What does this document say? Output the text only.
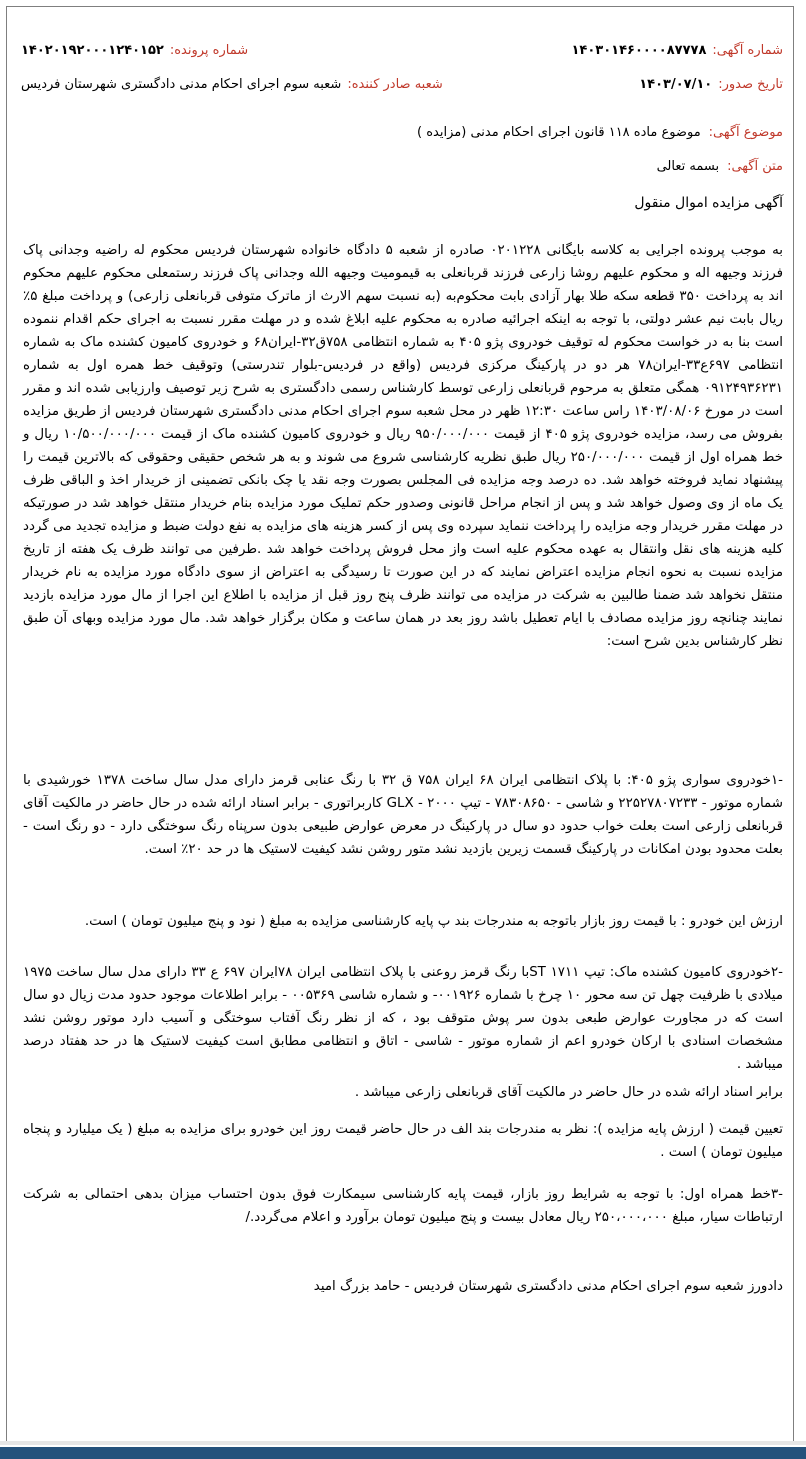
شماره آگهی:
۱۴۰۳۰۱۴۶۰۰۰۰۸۷۷۷۸
شماره پرونده:
۱۴۰۲۰۱۹۲۰۰۰۱۲۴۰۱۵۲
تاریخ صدور:
۱۴۰۳/۰۷/۱۰
شعبه صادر کننده:
شعبه سوم اجرای احکام مدنی دادگستری شهرستان فردیس
موضوع آگهی:
موضوع ماده ۱۱۸ قانون اجرای احکام مدنی (مزایده )
متن آگهی:
بسمه تعالی
آگهی مزایده اموال منقول

به موجب پرونده اجرایی به کلاسه بایگانی ۰۲۰۱۲۲۸ صادره از شعبه ۵ دادگاه خانواده شهرستان فردیس محکوم له راضیه وجدانی پاک فرزند وجیهه اله و محکوم علیهم روشا زارعی فرزند قربانعلی به قیمومیت وجیهه الله وجدانی پاک فرزند رستمعلی محکوم علیهم محکوم اند به پرداخت ۳۵۰ قطعه سکه طلا بهار آزادی بابت محکوم‌به (به نسبت سهم الارث از ماترک متوفی قربانعلی زارعی) و پرداخت مبلغ ۵٪ ریال بابت نیم عشر دولتی، با توجه به اینکه اجرائیه صادره به محکوم علیه ابلاغ شده و در مهلت مقرر نسبت به اجرای حکم اقدام ننموده است بنا به در خواست محکوم له توقیف خودروی پژو ۴۰۵ به شماره انتظامی ۷۵۸ق۳۲-ایران۶۸ و خودروی کامیون کشنده ماک به شماره انتظامی ۶۹۷ع۳۳-ایران۷۸ هر دو در پارکینگ مرکزی فردیس (واقع در فردیس-بلوار تندرستی) وتوقیف خط همره اول به شماره ۰۹۱۲۴۹۳۶۲۳۱ همگی متعلق به مرحوم قربانعلی زارعی توسط کارشناس رسمی دادگستری به شرح زیر توصیف وارزیابی شده اند و مقرر است در مورخ ۱۴۰۳/۰۸/۰۶ راس ساعت ۱۲:۳۰ ظهر در محل شعبه سوم اجرای احکام مدنی دادگستری شهرستان فردیس از طریق مزایده بفروش می رسد، مزایده خودروی پژو ۴۰۵ از قیمت ۹۵۰/۰۰۰/۰۰۰ ریال و خودروی کامیون کشنده ماک از قیمت ۱۰/۵۰۰/۰۰۰/۰۰۰ ریال و خط همراه اول از قیمت ۲۵۰/۰۰۰/۰۰۰ ریال طبق نظریه کارشناسی شروع می شوند و به هر شخص حقیقی وحقوقی که بالاترین قیمت را پیشنهاد نماید فروخته خواهد شد. ده درصد وجه مزایده فی المجلس بصورت وجه نقد یا چک بانکی تضمینی از خریدار اخذ و الباقی ظرف یک ماه از وی وصول خواهد شد و پس از انجام مراحل قانونی وصدور حکم تملیک مورد مزایده بنام خریدار منتقل خواهد شد در صورتیکه در مهلت مقرر خریدار وجه مزایده را پرداخت ننماید سپرده وی پس از کسر هزینه های مزایده به نفع دولت ضبط و مزایده تجدید می گردد کلیه هزینه های نقل وانتقال به عهده محکوم علیه است واز محل فروش پرداخت خواهد شد .طرفین می توانند ظرف یک هفته از تاریخ مزایده نسبت به نحوه انجام مزایده اعتراض نمایند که در این صورت تا رسیدگی به اعتراض از سوی دادگاه مورد مزایده به نام خریدار منتقل نخواهد شد ضمنا طالبین به شرکت در مزایده می توانند ظرف پنج روز قبل از مزایده با اطلاع این اجرا از مال مورد مزایده بازدید نمایند چنانچه روز مزایده مصادف با ایام تعطیل باشد روز بعد در همان ساعت و مکان برگزار خواهد شد. مال مورد مزایده وبهای آن طبق نظر کارشناس بدین شرح است:

-۱خودروی سواری پژو ۴۰۵: با پلاک انتظامی ایران ۶۸ ایران ۷۵۸ ق ۳۲ با رنگ عنابی قرمز دارای مدل سال ساخت ۱۳۷۸ خورشیدی با شماره موتور - ۲۲۵۲۷۸۰۷۲۳۳ و شاسی - ۷۸۳۰۸۶۵۰ - تیپ ۲۰۰۰ - GLX کاربراتوری - برابر اسناد ارائه شده در حال حاضر در مالکیت آقای قربانعلی زارعی است بعلت خواب حدود دو سال در پارکینگ در معرض عوارض طبیعی بدون سرپناه رنگ سوختگی دارد - دو رنگ است - بعلت محدود بودن امکانات در پارکینگ قسمت زیرین بازدید نشد متور روشن نشد کیفیت لاستیک ها در حد ۲۰٪ است.

ارزش این خودرو : با قیمت روز بازار باتوجه به مندرجات بند پ پایه کارشناسی مزایده به مبلغ ( نود و پنج میلیون تومان ) است.

-۲خودروی کامیون کشنده ماک: تیپ ST ۱۷۱۱با رنگ قرمز روعنی با پلاک انتظامی ایران ۷۸ایران ۶۹۷ ع ۳۳ دارای مدل سال ساخت ۱۹۷۵ میلادی با ظرفیت چهل تن سه محور ۱۰ چرخ با شماره ۰۰۱۹۲۶- و شماره شاسی ۰۰۵۳۶۹ - برابر اطلاعات موجود حدود مدت زیال دو سال است که در مجاورت عوارض طبعی بدون سر پوش متوقف بود ، که از نظر رنگ آفتاب سوختگی و آسیب دارد موتور روشن نشد مشخصات اسنادی با ارکان خودرو اعم از شماره موتور - شاسی - اتاق و انتظامی مطابق است کیفیت لاستیک ها در حد هفتاد درصد میباشد .

برابر اسناد ارائه شده در حال حاضر در مالکیت آقای قربانعلی زارعی میباشد .

تعیین قیمت ( ارزش پایه مزایده ): نظر به مندرجات بند الف در حال حاضر قیمت روز این خودرو برای مزایده به مبلغ ( یک میلیارد و پنجاه میلیون تومان ) است .

-۳خط همراه اول: با توجه به شرایط روز بازار، قیمت پایه کارشناسی سیمکارت فوق بدون احتساب میزان بدهی احتمالی به شرکت ارتباطات سیار، مبلغ ۲۵۰،۰۰۰،۰۰۰ ریال معادل بیست و پنج میلیون تومان برآورد و اعلام می‌گردد./

دادورز شعبه سوم اجرای احکام مدنی دادگستری شهرستان فردیس - حامد بزرگ امید
